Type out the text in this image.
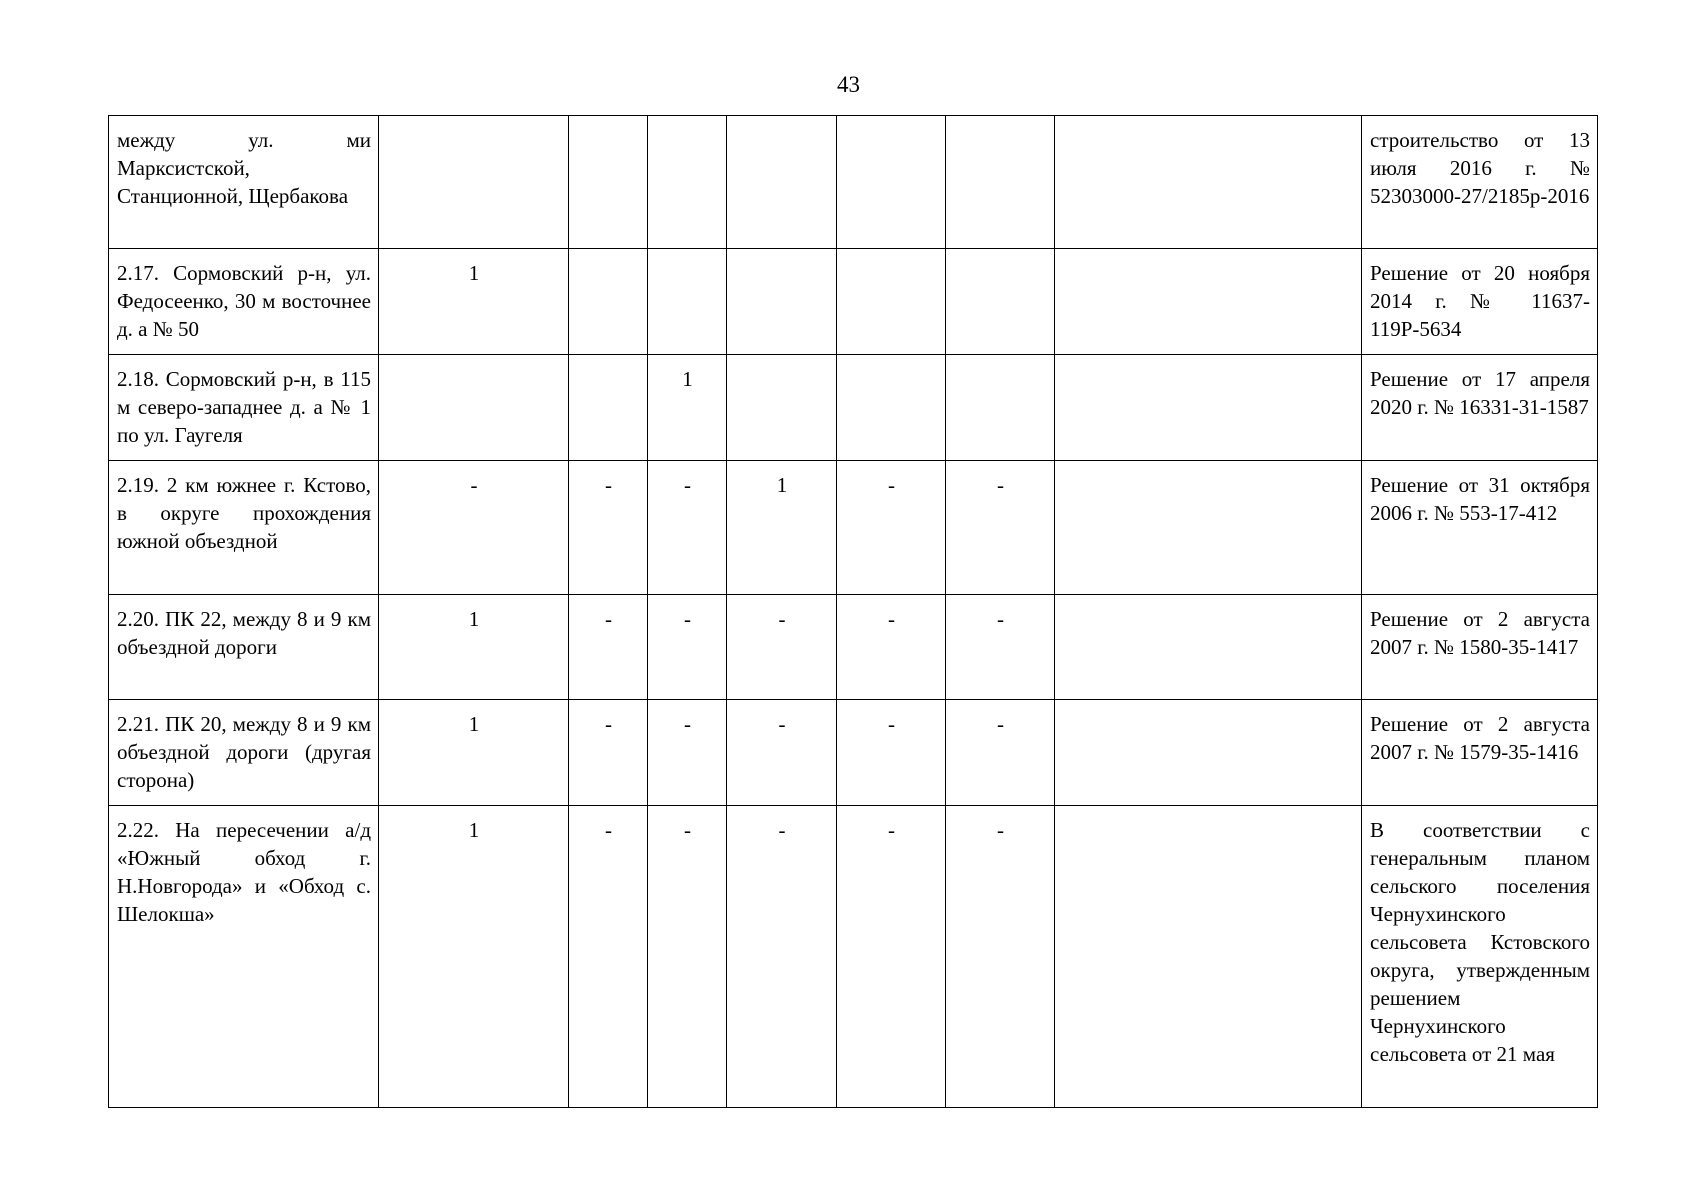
43
между ул. ми Марксистской, Станционной, Щербакова								строительство от 13 июля 2016 г. № 52303000-27/2185р-2016
2.17. Сормовский р-н, ул. Федосеенко, 30 м восточнее д. а № 50	1							Решение от 20 ноября 2014 г. № 11637-119Р-5634
2.18. Сормовский р-н, в 115 м северо-западнее д. а № 1 по ул. Гаугеля			1					Решение от 17 апреля 2020 г. № 16331-31-1587
2.19. 2 км южнее г. Кстово, в округе прохождения южной объездной	-	-	-	1	-	-		Решение от 31 октября 2006 г. № 553-17-412
2.20. ПК 22, между 8 и 9 км объездной дороги	1	-	-	-	-	-		Решение от 2 августа 2007 г. № 1580-35-1417
2.21. ПК 20, между 8 и 9 км объездной дороги (другая сторона)	1	-	-	-	-	-		Решение от 2 августа 2007 г. № 1579-35-1416
2.22. На пересечении а/д «Южный обход г. Н.Новгорода» и «Обход с. Шелокша»	1	-	-	-	-	-		В соответствии с генеральным планом сельского поселения Чернухинского сельсовета Кстовского округа, утвержденным решением Чернухинского сельсовета от 21 мая
